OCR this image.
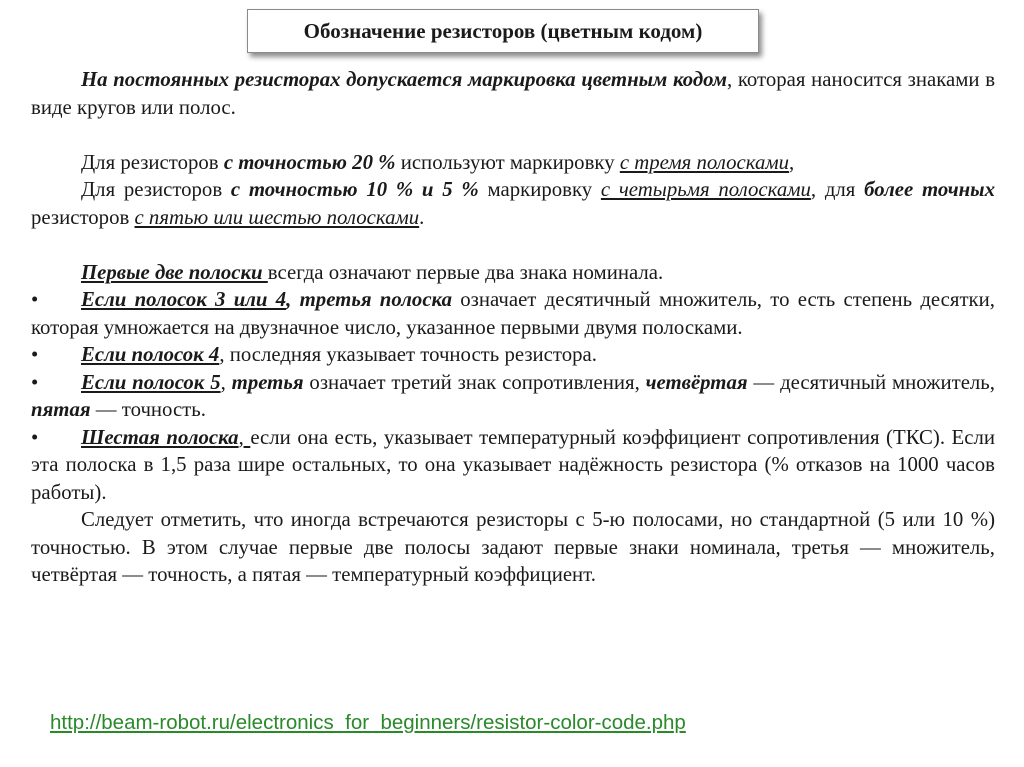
Обозначение резисторов (цветным кодом)

На постоянных резисторах допускается маркировка цветным кодом, которая наносится знаками в виде кругов или полос.

Для резисторов с точностью 20 % используют маркировку с тремя полосками,

Для резисторов с точностью 10 % и 5 % маркировку с четырьмя полосками, для более точных резисторов с пятью или шестью полосками.

Первые две полоски всегда означают первые два знака номинала.

• Если полосок 3 или 4, третья полоска означает десятичный множитель, то есть степень десятки, которая умножается на двузначное число, указанное первыми двумя полосками.

• Если полосок 4, последняя указывает точность резистора.

• Если полосок 5, третья означает третий знак сопротивления, четвёртая — десятичный множитель, пятая — точность.

• Шестая полоска, если она есть, указывает температурный коэффициент сопротивления (ТКС). Если эта полоска в 1,5 раза шире остальных, то она указывает надёжность резистора (% отказов на 1000 часов работы).

Следует отметить, что иногда встречаются резисторы с 5-ю полосами, но стандартной (5 или 10 %) точностью. В этом случае первые две полосы задают первые знаки номинала, третья — множитель, четвёртая — точность, а пятая — температурный коэффициент.

http://beam-robot.ru/electronics_for_beginners/resistor-color-code.php
